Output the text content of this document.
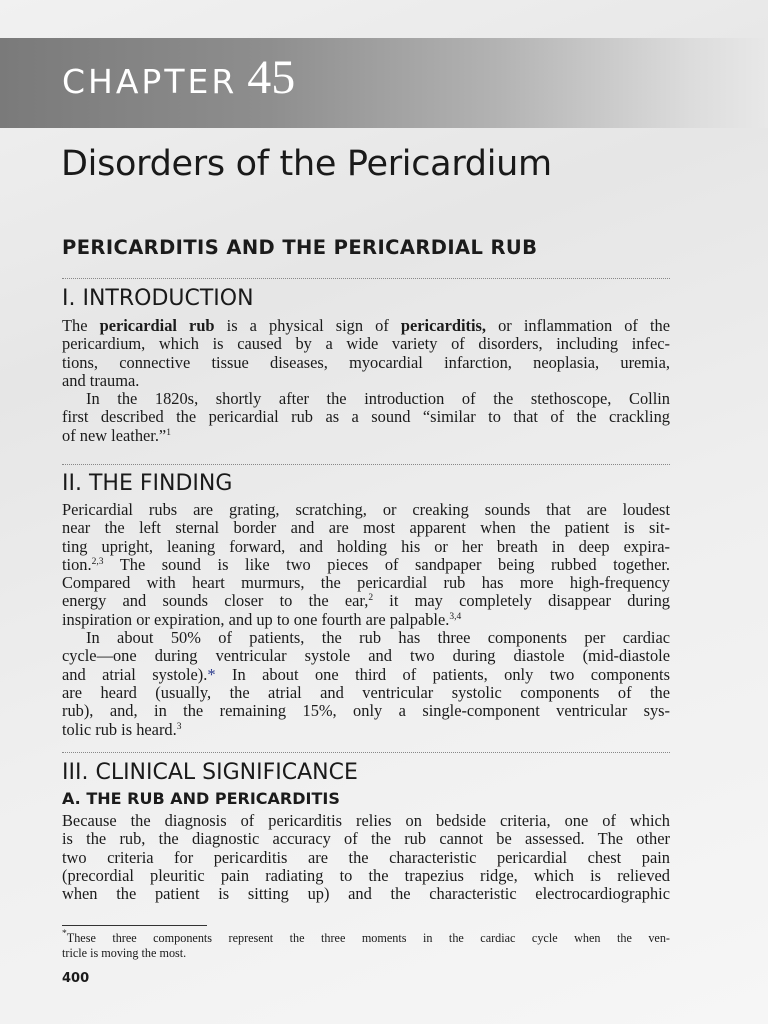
CHAPTER 45
Disorders of the Pericardium
PERICARDITIS AND THE PERICARDIAL RUB
I. INTRODUCTION
The pericardial rub is a physical sign of pericarditis, or inflammation of the
pericardium, which is caused by a wide variety of disorders, including infec-
tions, connective tissue diseases, myocardial infarction, neoplasia, uremia,
and trauma.
In the 1820s, shortly after the introduction of the stethoscope, Collin
first described the pericardial rub as a sound “similar to that of the crackling
of new leather.”$^1$
II. THE FINDING
Pericardial rubs are grating, scratching, or creaking sounds that are loudest
near the left sternal border and are most apparent when the patient is sit-
ting upright, leaning forward, and holding his or her breath in deep expira-
tion.$^{2,3}$ The sound is like two pieces of sandpaper being rubbed together.
Compared with heart murmurs, the pericardial rub has more high-frequency
energy and sounds closer to the ear,$^2$ it may completely disappear during
inspiration or expiration, and up to one fourth are palpable.$^{3,4}$
In about 50% of patients, the rub has three components per cardiac
cycle—one during ventricular systole and two during diastole (mid-diastole
and atrial systole).* In about one third of patients, only two components
are heard (usually, the atrial and ventricular systolic components of the
rub), and, in the remaining 15%, only a single-component ventricular sys-
tolic rub is heard.$^3$
III. CLINICAL SIGNIFICANCE
A. THE RUB AND PERICARDITIS
Because the diagnosis of pericarditis relies on bedside criteria, one of which
is the rub, the diagnostic accuracy of the rub cannot be assessed. The other
two criteria for pericarditis are the characteristic pericardial chest pain
(precordial pleuritic pain radiating to the trapezius ridge, which is relieved
when the patient is sitting up) and the characteristic electrocardiographic
*These three components represent the three moments in the cardiac cycle when the ven-
tricle is moving the most.

400
